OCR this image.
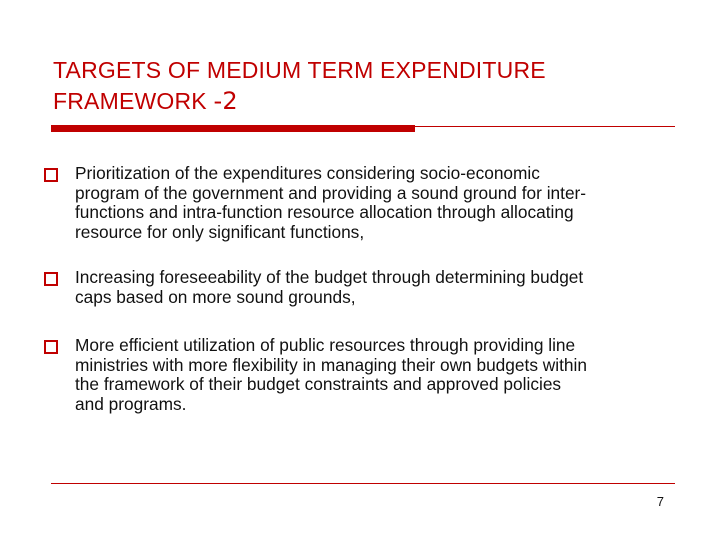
TARGETS OF MEDIUM TERM EXPENDITURE
FRAMEWORK -2
Prioritization of the expenditures considering socio-economic
program of the government and providing a sound ground for inter-
functions and intra-function resource allocation through allocating
resource for only significant functions,
Increasing foreseeability of the budget through determining budget
caps based on more sound grounds,
More efficient utilization of public resources through providing line
ministries with more flexibility in managing their own budgets within
the framework of their budget constraints and approved policies
and programs.
7
